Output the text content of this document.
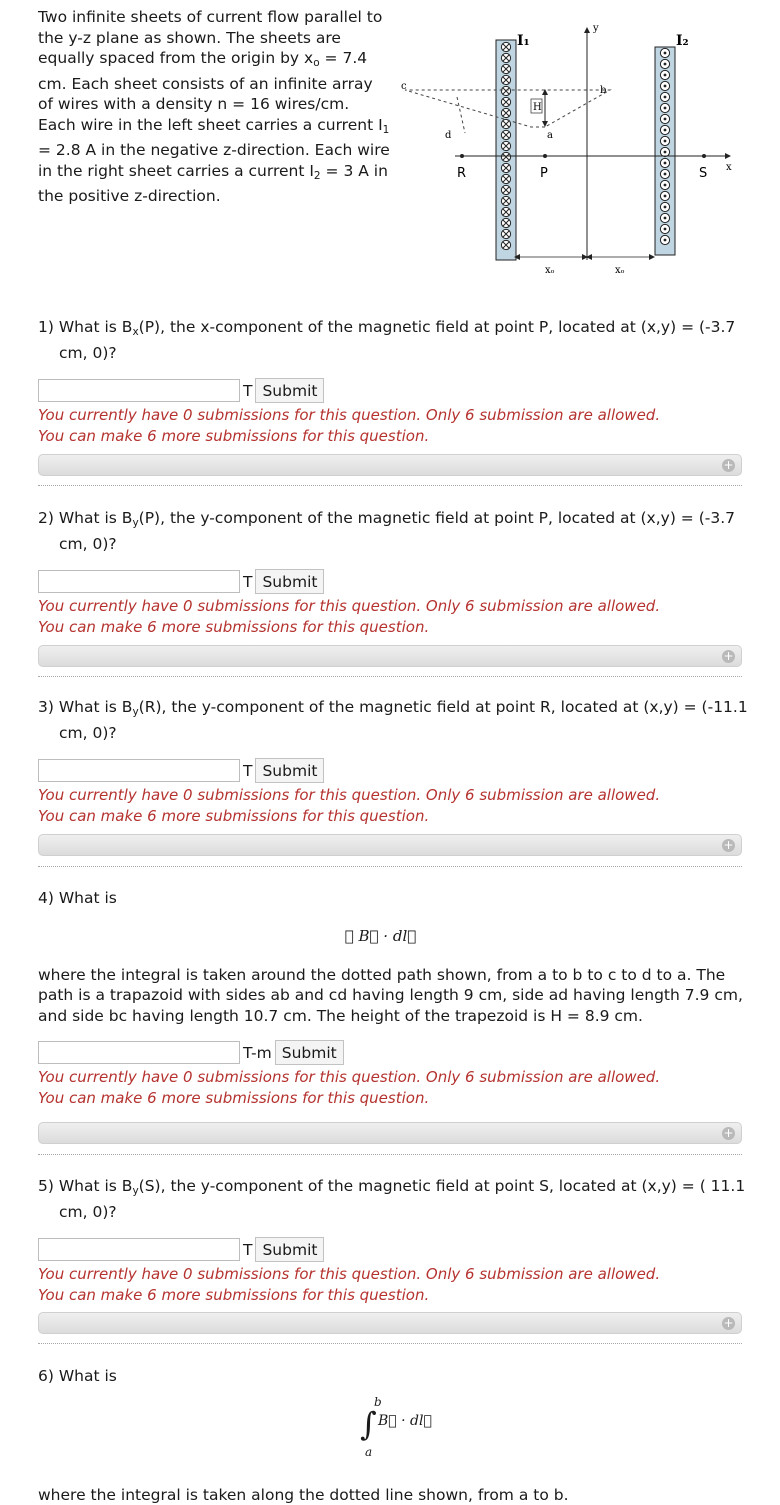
Two infinite sheets of current flow parallel to the y-z plane as shown. The sheets are equally spaced from the origin by $x_o = 7.4$ cm. Each sheet consists of an infinite array of wires with a density n = 16 wires/cm. Each wire in the left sheet carries a current $I_1 = 2.8$ A in the negative z-direction. Each wire in the right sheet carries a current $I_2 = 3$ A in the positive z-direction.

I₁	I₂
y
x
c	b
d	a
H
R	P	S
xₒ	xₒ
1) What is $B_x(P)$, the x-component of the magnetic field at point P, located at (x,y) = (-3.7 cm, 0)?
T Submit
You currently have 0 submissions for this question. Only 6 submission are allowed.
You can make 6 more submissions for this question.
+
2) What is $B_y(P)$, the y-component of the magnetic field at point P, located at (x,y) = (-3.7 cm, 0)?
T Submit
You currently have 0 submissions for this question. Only 6 submission are allowed.
You can make 6 more submissions for this question.
+
3) What is $B_y(R)$, the y-component of the magnetic field at point R, located at (x,y) = (-11.1 cm, 0)?
T Submit
You currently have 0 submissions for this question. Only 6 submission are allowed.
You can make 6 more submissions for this question.
+
4) What is
∮ B⃗ · dl⃗
where the integral is taken around the dotted path shown, from a to b to c to d to a. The path is a trapazoid with sides ab and cd having length 9 cm, side ad having length 7.9 cm, and side bc having length 10.7 cm. The height of the trapezoid is H = 8.9 cm.
T-m Submit
You currently have 0 submissions for this question. Only 6 submission are allowed.
You can make 6 more submissions for this question.
+
5) What is $B_y(S)$, the y-component of the magnetic field at point S, located at (x,y) = ( 11.1 cm, 0)?
T Submit
You currently have 0 submissions for this question. Only 6 submission are allowed.
You can make 6 more submissions for this question.
+
6) What is
b
∫ B⃗ · dl⃗
a
where the integral is taken along the dotted line shown, from a to b.
